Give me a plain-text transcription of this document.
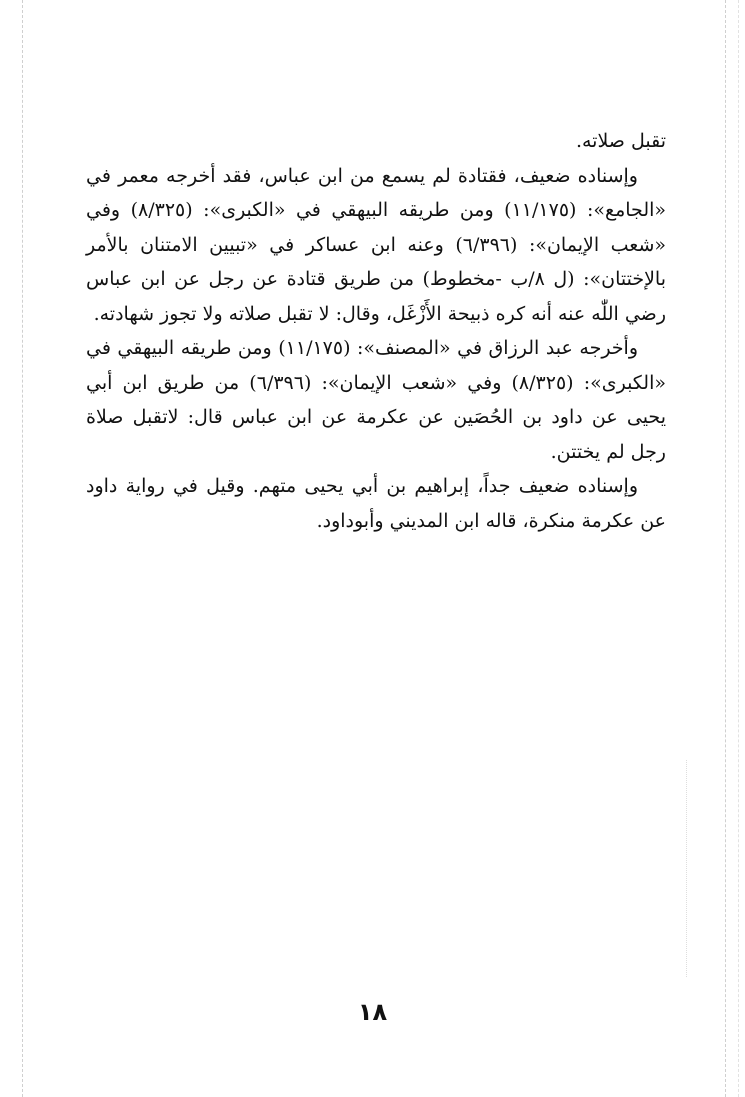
تقبل صلاته.

وإسناده ضعيف، فقتادة لم يسمع من ابن عباس، فقد أخرجه معمر في «الجامع»: (١١/١٧٥) ومن طريقه البيهقي في «الكبرى»: (٨/٣٢٥) وفي «شعب الإيمان»: (٦/٣٩٦) وعنه ابن عساكر في «تبيين الامتنان بالأمر بالإختتان»: (ل ٨/ب -مخطوط) من طريق قتادة عن رجل عن ابن عباس رضي اللّٰه عنه أنه كره ذبيحة الأَزْغَل، وقال: لا تقبل صلاته ولا تجوز شهادته.

وأخرجه عبد الرزاق في «المصنف»: (١١/١٧٥) ومن طريقه البيهقي في «الكبرى»: (٨/٣٢٥) وفي «شعب الإيمان»: (٦/٣٩٦) من طريق ابن أبي يحيى عن داود بن الحُصَين عن عكرمة عن ابن عباس قال: لاتقبل صلاة رجل لم يختتن.

وإسناده ضعيف جداً، إبراهيم بن أبي يحيى متهم. وقيل في رواية داود عن عكرمة منكرة، قاله ابن المديني وأبوداود.

١٨
